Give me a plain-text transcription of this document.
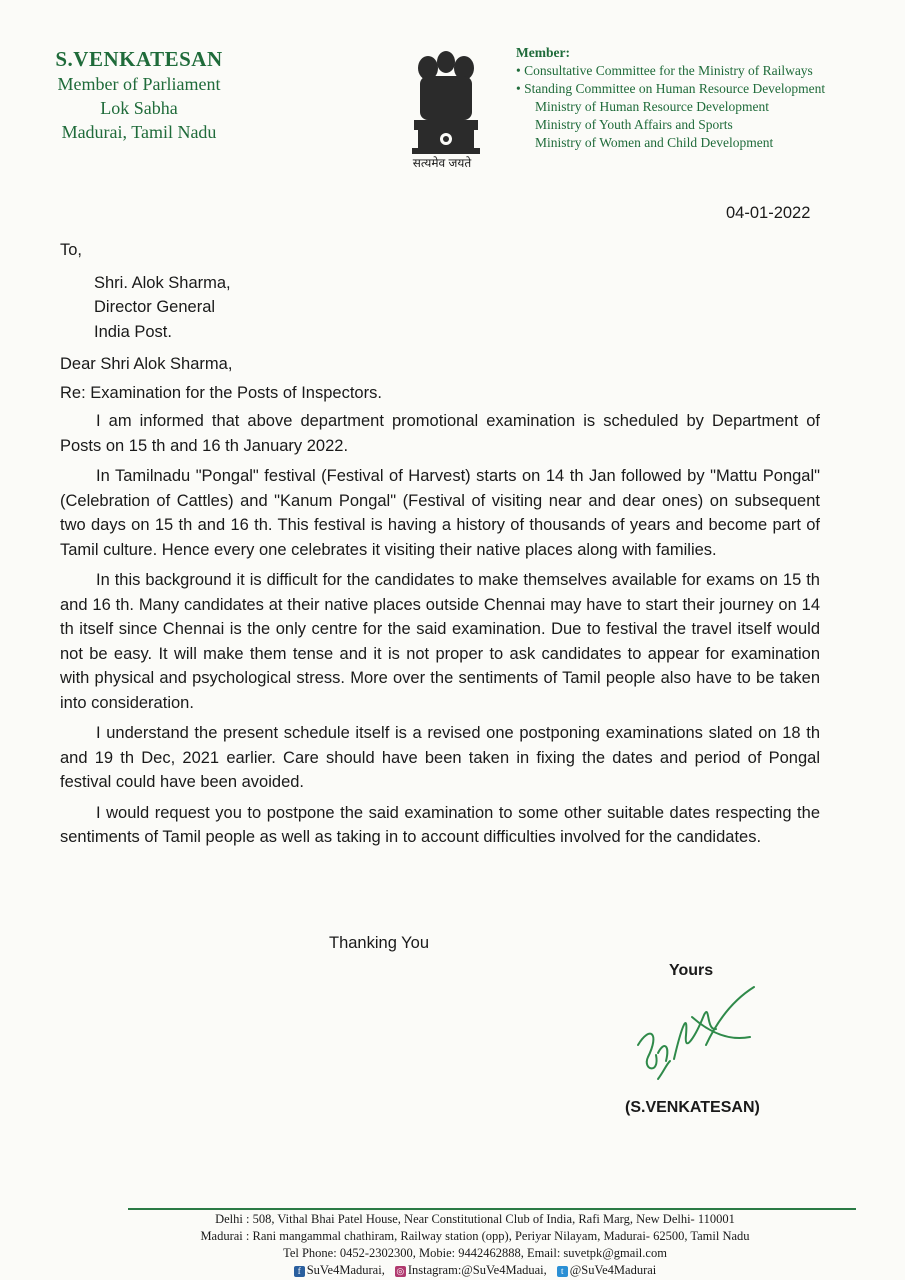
S.VENKATESAN
Member of Parliament
Lok Sabha
Madurai, Tamil Nadu
सत्यमेव जयते
Member:
• Consultative Committee for the Ministry of Railways
• Standing Committee on Human Resource Development
Ministry of Human Resource Development
Ministry of Youth Affairs and Sports
Ministry of Women and Child Development
04-01-2022

To,

Shri. Alok Sharma,

Director General

India Post.

Dear Shri Alok Sharma,

Re: Examination for the Posts of Inspectors.

I am informed that above department promotional examination is scheduled by Department of Posts on 15 th and 16 th January 2022.

In Tamilnadu "Pongal" festival (Festival of Harvest) starts on 14 th Jan followed by "Mattu Pongal" (Celebration of Cattles) and "Kanum Pongal" (Festival of visiting near and dear ones) on subsequent two days on 15 th and 16 th. This festival is having a history of thousands of years and become part of Tamil culture. Hence every one celebrates it visiting their native places along with families.

In this background it is difficult for the candidates to make themselves available for exams on 15 th and 16 th. Many candidates at their native places outside Chennai may have to start their journey on 14 th itself since Chennai is the only centre for the said examination. Due to festival the travel itself would not be easy. It will make them tense and it is not proper to ask candidates to appear for examination with physical and psychological stress. More over the sentiments of Tamil people also have to be taken into consideration.

I understand the present schedule itself is a revised one postponing examinations slated on 18 th and 19 th Dec, 2021 earlier. Care should have been taken in fixing the dates and period of Pongal festival could have been avoided.

I would request you to postpone the said examination to some other suitable dates respecting the sentiments of Tamil people as well as taking in to account difficulties involved for the candidates.

Thanking You
Yours
(S.VENKATESAN)
Delhi : 508, Vithal Bhai Patel House, Near Constitutional Club of India, Rafi Marg, New Delhi- 110001
Madurai : Rani mangammal chathiram, Railway station (opp), Periyar Nilayam, Madurai- 62500, Tamil Nadu
Tel Phone: 0452-2302300, Mobie: 9442462888, Email: suvetpk@gmail.com
f SuVe4Madurai, ◎ Instagram:@SuVe4Maduai,	t @SuVe4Madurai
